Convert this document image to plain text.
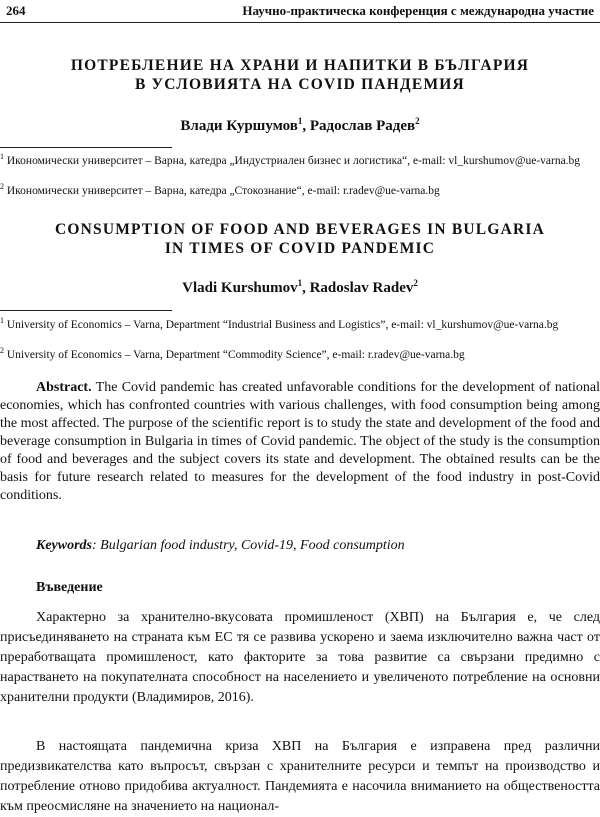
264	Научно-практическа конференция с международна участие
ПОТРЕБЛЕНИЕ НА ХРАНИ И НАПИТКИ В БЪЛГАРИЯ
В УСЛОВИЯТА НА COVID ПАНДЕМИЯ
Влади Куршумов$^1$, Радослав Радев$^2$
$^1$ Икономически университет – Варна, катедра „Индустриален бизнес и логистика“, e-mail: vl_kurshumov@ue-varna.bg
$^2$ Икономически университет – Варна, катедра „Стокознание“, e-mail: r.radev@ue-varna.bg
CONSUMPTION OF FOOD AND BEVERAGES IN BULGARIA
IN TIMES OF COVID PANDEMIC
Vladi Kurshumov$^1$, Radoslav Radev$^2$
$^1$ University of Economics – Varna, Department “Industrial Business and Logistics”, e-mail: vl_kurshumov@ue-varna.bg
$^2$ University of Economics – Varna, Department “Commodity Science”, e-mail: r.radev@ue-varna.bg
Abstract. The Covid pandemic has created unfavorable conditions for the development of national economies, which has confronted countries with various challenges, with food consumption being among the most affected. The purpose of the scientific report is to study the state and development of the food and beverage consumption in Bulgaria in times of Covid pandemic. The object of the study is the consumption of food and beverages and the subject covers its state and development. The obtained results can be the basis for future research related to measures for the development of the food industry in post-Covid conditions.
Keywords: Bulgarian food industry, Covid-19, Food consumption
Въведение
Характерно за хранително-вкусовата промишленост (ХВП) на България е, че след присъединяването на страната към ЕС тя се развива ускорено и заема изключително важна част от преработващата промишленост, като факторите за това развитие са свързани предимно с нарастването на покупателната способност на населението и увеличеното потребление на основни хранителни продукти (Владимиров, 2016).
В настоящата пандемична криза ХВП на България е изправена пред различни предизвикателства като въпросът, свързан с хранителните ресурси и темпът на производство и потребление отново придобива актуалност. Пандемията е насочила вниманието на обществеността към преосмисляне на значението на национал-
